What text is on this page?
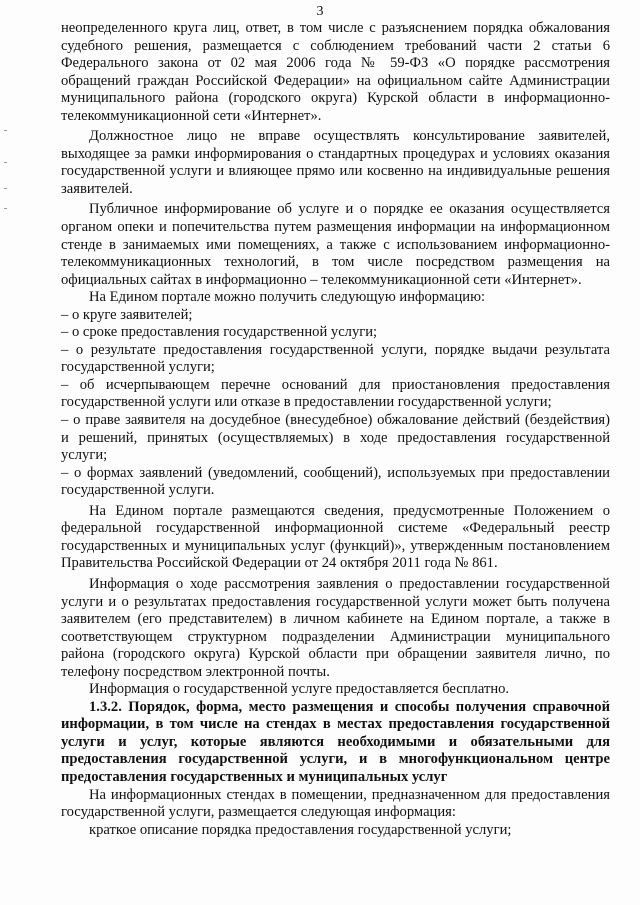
3

неопределенного круга лиц, ответ, в том числе с разъяснением порядка обжалования судебного решения, размещается с соблюдением требований части 2 статьи 6 Федерального закона от 02 мая 2006 года № 59-ФЗ «О порядке рассмотрения обращений граждан Российской Федерации» на официальном сайте Администрации муниципального района (городского округа) Курской области в информационно-телекоммуникационной сети «Интернет».

Должностное лицо не вправе осуществлять консультирование заявителей, выходящее за рамки информирования о стандартных процедурах и условиях оказания государственной услуги и влияющее прямо или косвенно на индивидуальные решения заявителей.

Публичное информирование об услуге и о порядке ее оказания осуществляется органом опеки и попечительства путем размещения информации на информационном стенде в занимаемых ими помещениях, а также с использованием информационно-телекоммуникационных технологий, в том числе посредством размещения на официальных сайтах в информационно – телекоммуникационной сети «Интернет».

На Едином портале можно получить следующую информацию:

– о круге заявителей;

– о сроке предоставления государственной услуги;

– о результате предоставления государственной услуги, порядке выдачи результата государственной услуги;

– об исчерпывающем перечне оснований для приостановления предоставления государственной услуги или отказе в предоставлении государственной услуги;

– о праве заявителя на досудебное (внесудебное) обжалование действий (бездействия) и решений, принятых (осуществляемых) в ходе предоставления государственной услуги;

– о формах заявлений (уведомлений, сообщений), используемых при предоставлении государственной услуги.

На Едином портале размещаются сведения, предусмотренные Положением о федеральной государственной информационной системе «Федеральный реестр государственных и муниципальных услуг (функций)», утвержденным постановлением Правительства Российской Федерации от 24 октября 2011 года № 861.

Информация о ходе рассмотрения заявления о предоставлении государственной услуги и о результатах предоставления государственной услуги может быть получена заявителем (его представителем) в личном кабинете на Едином портале, а также в соответствующем структурном подразделении Администрации муниципального района (городского округа) Курской области при обращении заявителя лично, по телефону посредством электронной почты.

Информация о государственной услуге предоставляется бесплатно.

1.3.2. Порядок, форма, место размещения и способы получения справочной информации, в том числе на стендах в местах предоставления государственной услуги и услуг, которые являются необходимыми и обязательными для предоставления государственной услуги, и в многофункциональном центре предоставления государственных и муниципальных услуг

На информационных стендах в помещении, предназначенном для предоставления государственной услуги, размещается следующая информация:

краткое описание порядка предоставления государственной услуги;
